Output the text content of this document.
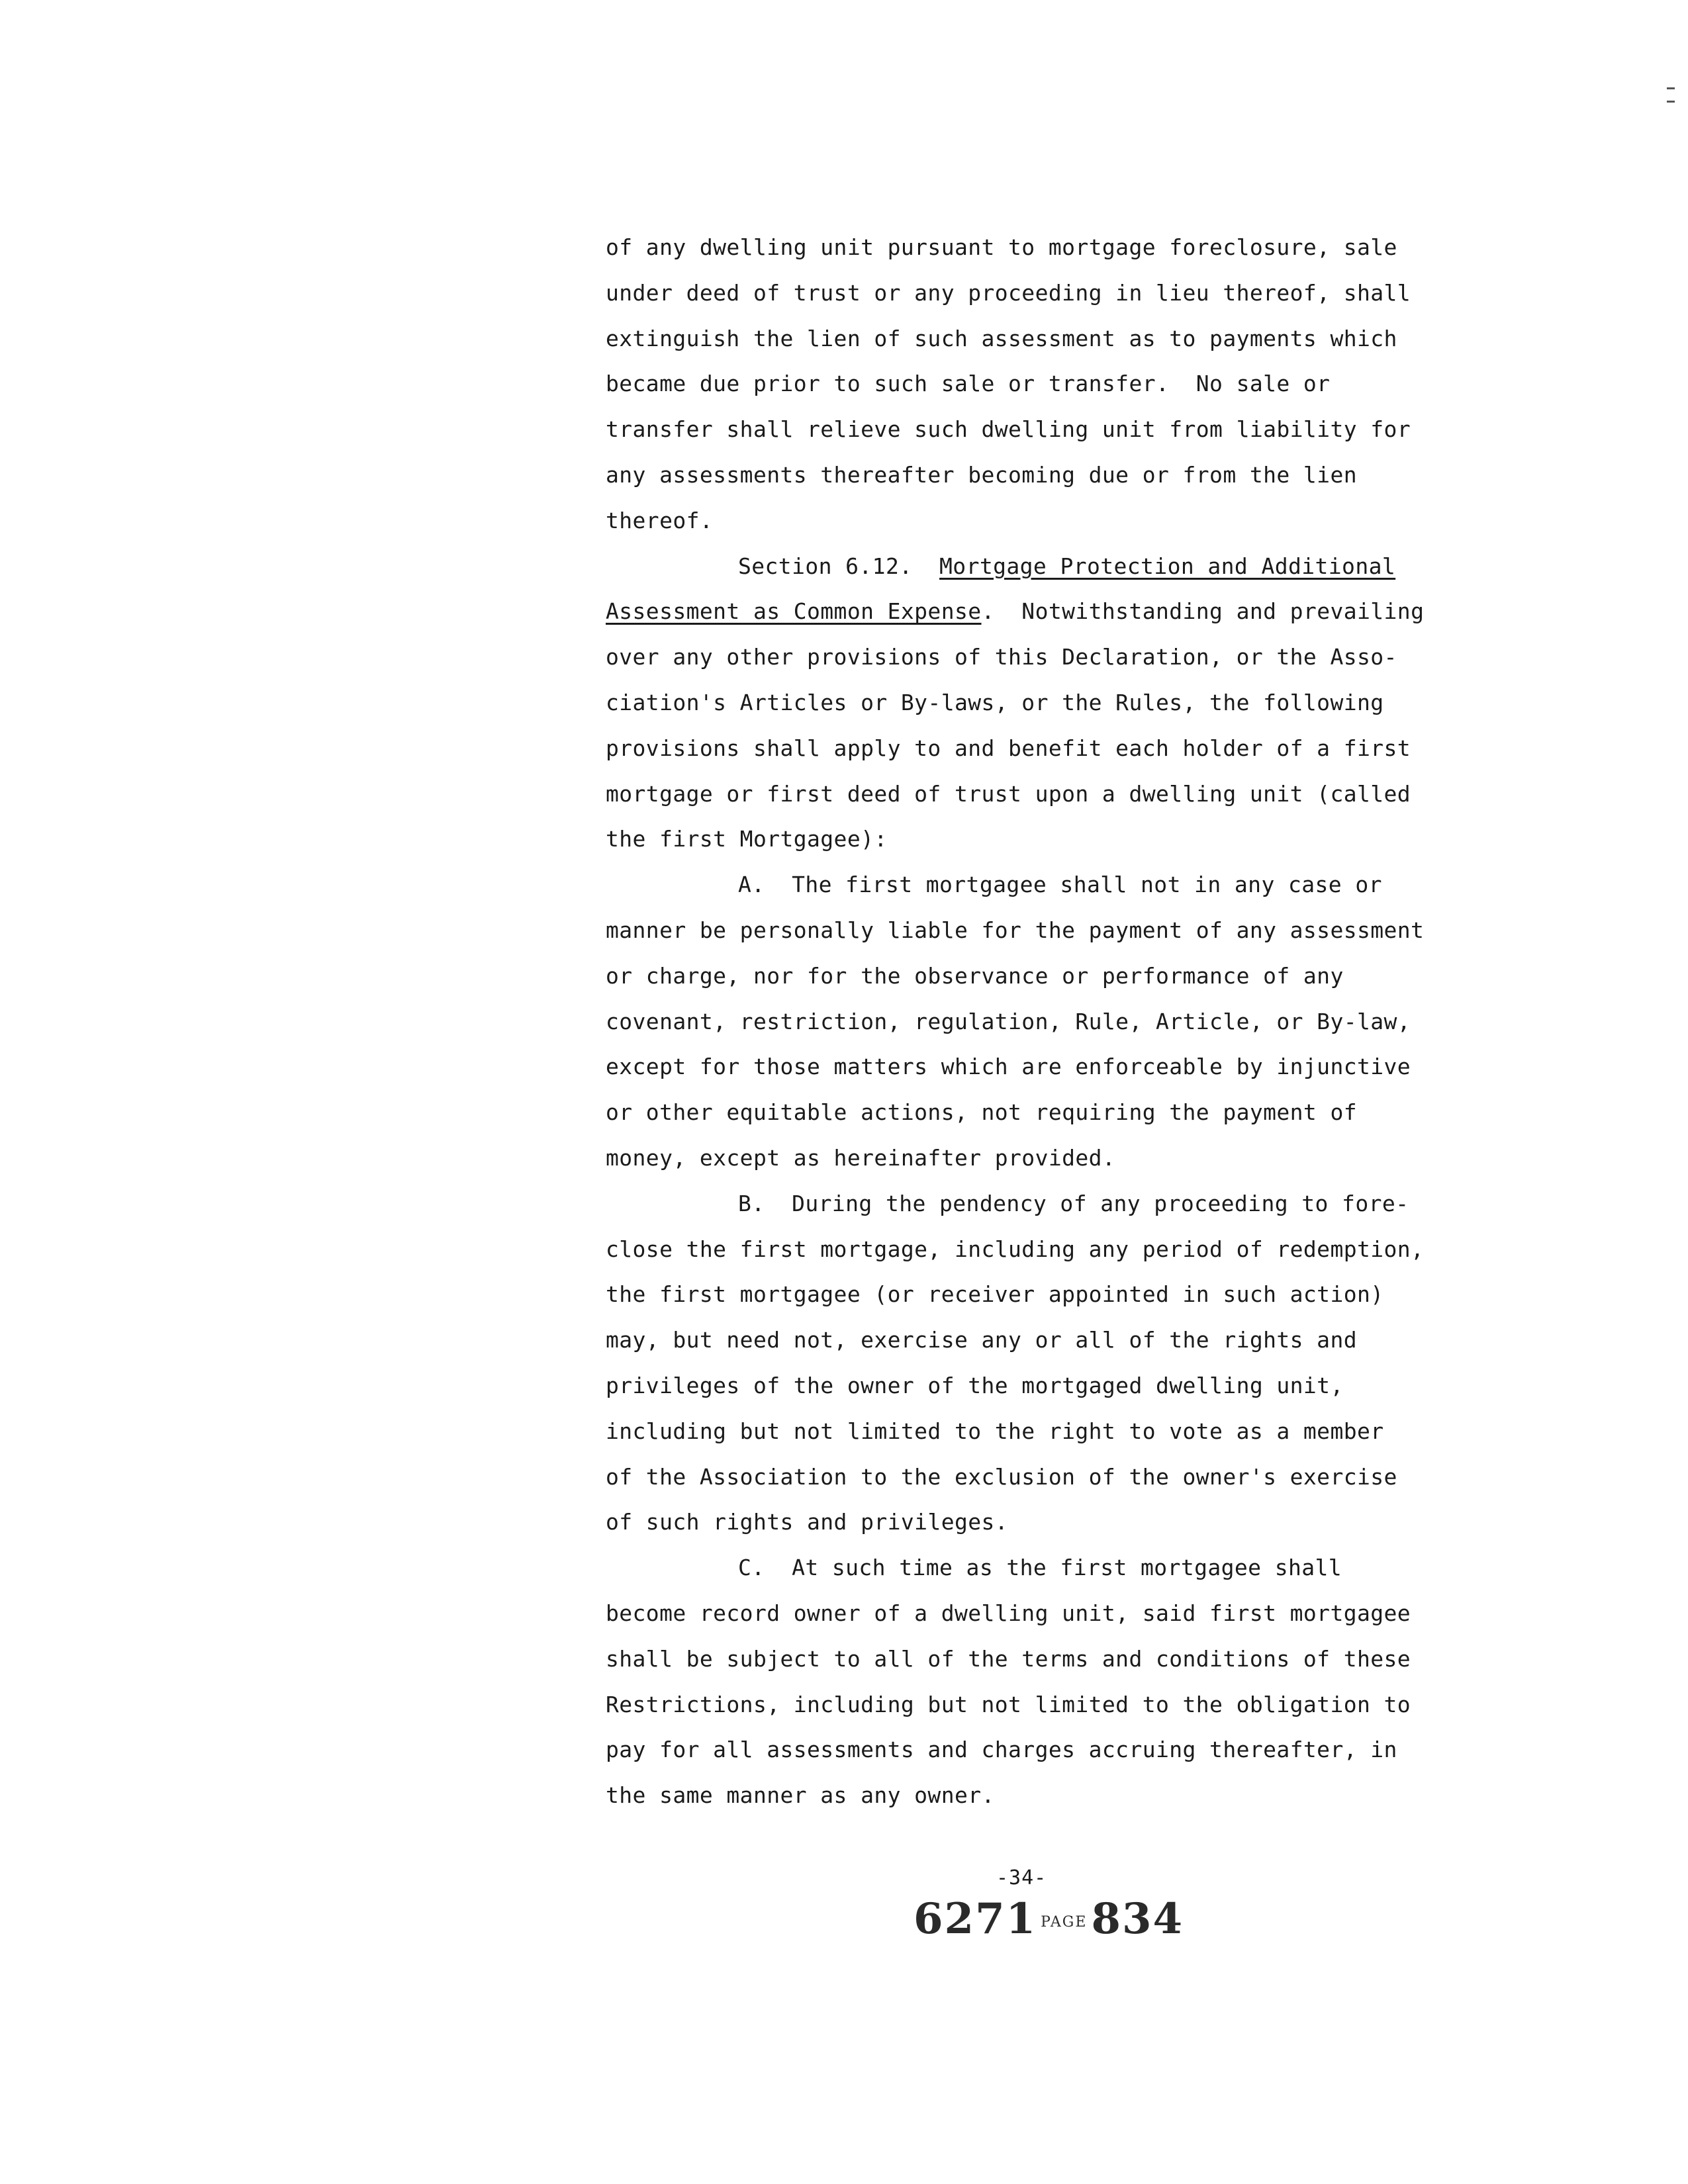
of any dwelling unit pursuant to mortgage foreclosure, sale
under deed of trust or any proceeding in lieu thereof, shall
extinguish the lien of such assessment as to payments which
became due prior to such sale or transfer.  No sale or
transfer shall relieve such dwelling unit from liability for
any assessments thereafter becoming due or from the lien
thereof.
Section 6.12. Mortgage Protection and Additional
Assessment as Common Expense.  Notwithstanding and prevailing
over any other provisions of this Declaration, or the Asso-
ciation's Articles or By-laws, or the Rules, the following
provisions shall apply to and benefit each holder of a first
mortgage or first deed of trust upon a dwelling unit (called
the first Mortgagee):
A.  The first mortgagee shall not in any case or
manner be personally liable for the payment of any assessment
or charge, nor for the observance or performance of any
covenant, restriction, regulation, Rule, Article, or By-law,
except for those matters which are enforceable by injunctive
or other equitable actions, not requiring the payment of
money, except as hereinafter provided.
B.  During the pendency of any proceeding to fore-
close the first mortgage, including any period of redemption,
the first mortgagee (or receiver appointed in such action)
may, but need not, exercise any or all of the rights and
privileges of the owner of the mortgaged dwelling unit,
including but not limited to the right to vote as a member
of the Association to the exclusion of the owner's exercise
of such rights and privileges.
C.  At such time as the first mortgagee shall
become record owner of a dwelling unit, said first mortgagee
shall be subject to all of the terms and conditions of these
Restrictions, including but not limited to the obligation to
pay for all assessments and charges accruing thereafter, in
the same manner as any owner.
-34-
6271 PAGE834
